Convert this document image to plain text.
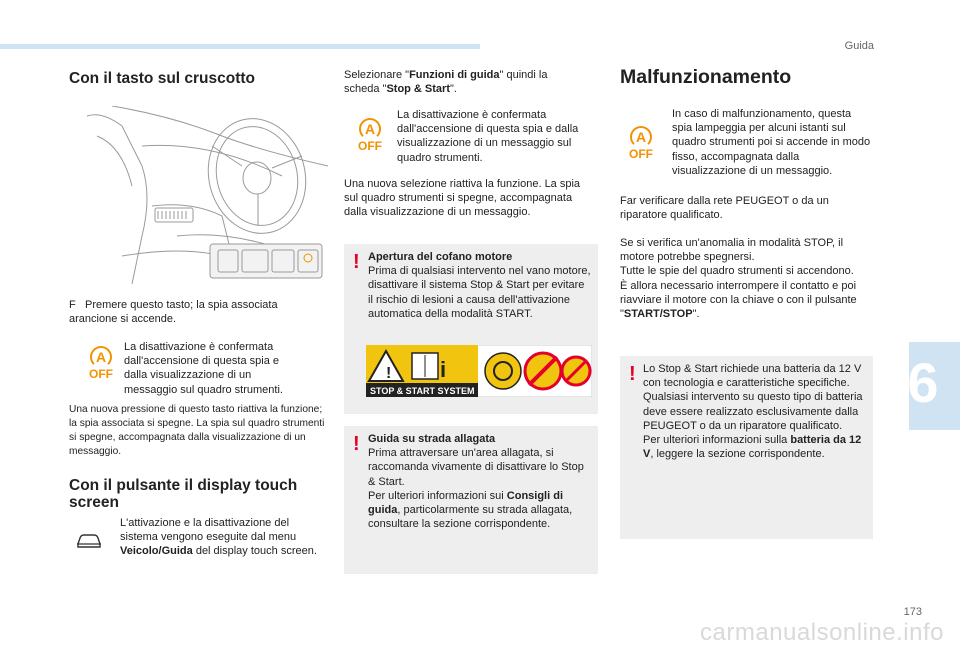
Guida
Con il tasto sul cruscotto
F Premere questo tasto; la spia associata arancione si accende.
A
OFF
La disattivazione è confermata dall'accensione di questa spia e dalla visualizzazione di un messaggio sul quadro strumenti.
Una nuova pressione di questo tasto riattiva la funzione; la spia associata si spegne. La spia sul quadro strumenti si spegne, accompagnata dalla visualizzazione di un messaggio.
Con il pulsante il display touch screen
L'attivazione e la disattivazione del sistema vengono eseguite dal menu Veicolo/Guida del display touch screen.
Selezionare "Funzioni di guida" quindi la scheda "Stop & Start".
A
OFF
La disattivazione è confermata dall'accensione di questa spia e dalla visualizzazione di un messaggio sul quadro strumenti.
Una nuova selezione riattiva la funzione. La spia sul quadro strumenti si spegne, accompagnata dalla visualizzazione di un messaggio.
! Apertura del cofano motore
Prima di qualsiasi intervento nel vano motore, disattivare il sistema Stop & Start per evitare il rischio di lesioni a causa dell'attivazione automatica della modalità START.
! i
STOP & START SYSTEM
! Guida su strada allagata
Prima attraversare un'area allagata, si raccomanda vivamente di disattivare lo Stop & Start.
Per ulteriori informazioni sui Consigli di guida, particolarmente su strada allagata, consultare la sezione corrispondente.
Malfunzionamento
A
OFF
In caso di malfunzionamento, questa spia lampeggia per alcuni istanti sul quadro strumenti poi si accende in modo fisso, accompagnata dalla visualizzazione di un messaggio.
Far verificare dalla rete PEUGEOT o da un riparatore qualificato.
Se si verifica un'anomalia in modalità STOP, il motore potrebbe spegnersi.
Tutte le spie del quadro strumenti si accendono.
È allora necessario interrompere il contatto e poi riavviare il motore con la chiave o con il pulsante "START/STOP".
! Lo Stop & Start richiede una batteria da 12 V con tecnologia e caratteristiche specifiche.
Qualsiasi intervento su questo tipo di batteria deve essere realizzato esclusivamente dalla PEUGEOT o da un riparatore qualificato.
Per ulteriori informazioni sulla batteria da 12 V, leggere la sezione corrispondente.
6
173
carmanualsonline.info
